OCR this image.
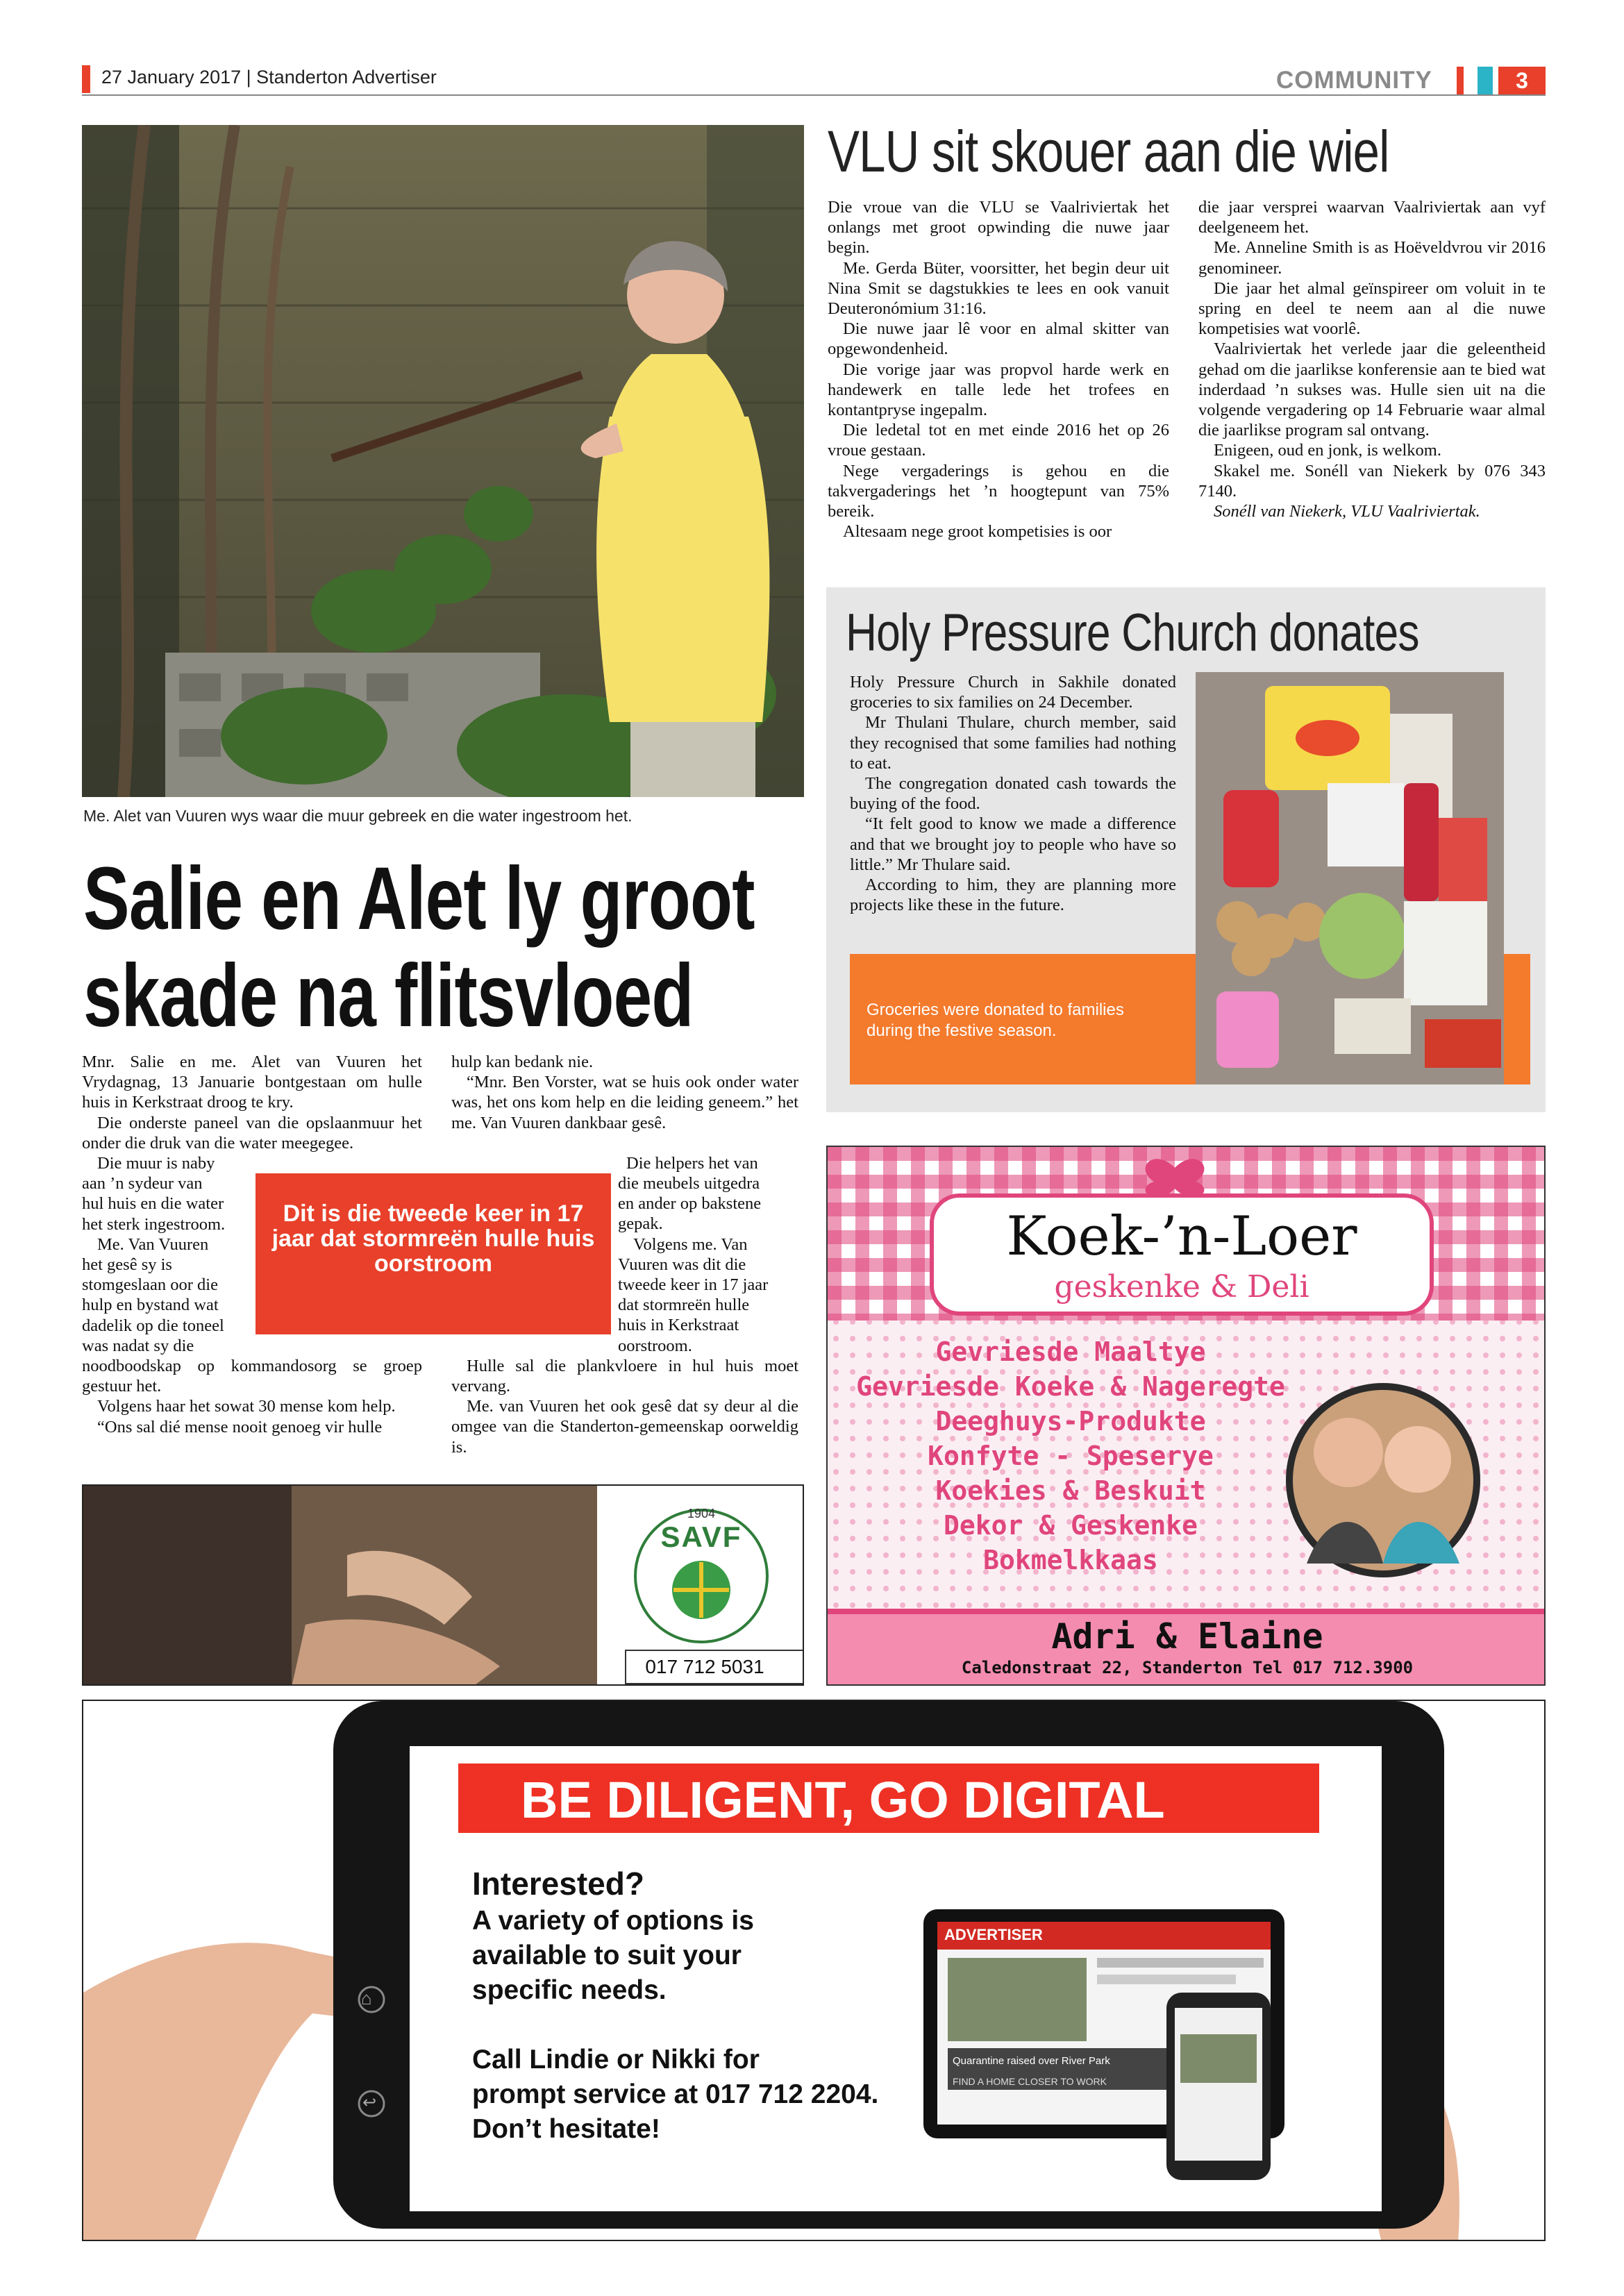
27 January 2017 | Standerton Advertiser	COMMUNITY	3
Me. Alet van Vuuren wys waar die muur gebreek en die water ingestroom het.
Salie en Alet ly groot
skade na flitsvloed

Mnr. Salie en me. Alet van Vuuren het Vrydagnag, 13 Januarie bontgestaan om hulle huis in Kerkstraat droog te kry.

Die onderste paneel van die opslaanmuur het onder die druk van die water meegegee.

Die muur is naby

aan ’n sydeur van

hul huis en die water

het sterk ingestroom.

Me. Van Vuuren

het gesê sy is

stomgeslaan oor die

hulp en bystand wat

dadelik op die toneel

was nadat sy die

noodboodskap op kommandosorg se groep gestuur het.

Volgens haar het sowat 30 mense kom help.

“Ons sal dié mense nooit genoeg vir hulle

hulp kan bedank nie.

“Mnr. Ben Vorster, wat se huis ook onder water was, het ons kom help en die leiding geneem.” het me. Van Vuuren dankbaar gesê.

Die helpers het van

die meubels uitgedra

en ander op bakstene

gepak.

Volgens me. Van

Vuuren was dit die

tweede keer in 17 jaar

dat stormreën hulle

huis in Kerkstraat

oorstroom.

Hulle sal die plankvloere in hul huis moet vervang.

Me. van Vuuren het ook gesê dat sy deur al die omgee van die Standerton-gemeenskap oorweldig is.

Dit is die tweede keer in 17 jaar dat stormreën hulle huis oorstroom
1904
SAVF
017 712 5031
VLU sit skouer aan die wiel

Die vroue van die VLU se Vaalriviertak het onlangs met groot opwinding die nuwe jaar begin.

Me. Gerda Büter, voorsitter, het begin deur uit Nina Smit se dagstukkies te lees en ook vanuit Deuteronómium 31:16.

Die nuwe jaar lê voor en almal skitter van opgewondenheid.

Die vorige jaar was propvol harde werk en handewerk en talle lede het trofees en kontantpryse ingepalm.

Die ledetal tot en met einde 2016 het op 26 vroue gestaan.

Nege vergaderings is gehou en die takvergaderings het ’n hoogtepunt van 75% bereik.

Altesaam nege groot kompetisies is oor

die jaar versprei waarvan Vaalriviertak aan vyf deelgeneem het.

Me. Anneline Smith is as Hoëveldvrou vir 2016 genomineer.

Die jaar het almal geïnspireer om voluit in te spring en deel te neem aan al die nuwe kompetisies wat voorlê.

Vaalriviertak het verlede jaar die geleentheid gehad om die jaarlikse konferensie aan te bied wat inderdaad ’n sukses was. Hulle sien uit na die volgende vergadering op 14 Februarie waar almal die jaarlikse program sal ontvang.

Enigeen, oud en jonk, is welkom.

Skakel me. Sonéll van Niekerk by 076 343 7140.

Sonéll van Niekerk, VLU Vaalriviertak.

Holy Pressure Church donates

Holy Pressure Church in Sakhile donated groceries to six families on 24 December.

Mr Thulani Thulare, church member, said they recognised that some families had nothing to eat.

The congregation donated cash towards the buying of the food.

“It felt good to know we made a difference and that we brought joy to people who have so little.” Mr Thulare said.

According to him, they are planning more projects like these in the future.

Groceries were donated to families during the festive season.
Koek-’n-Loer
geskenke & Deli
Gevriesde Maaltye
Gevriesde Koeke & Nageregte
Deeghuys-Produkte
Konfyte - Speserye
Koekies & Beskuit
Dekor & Geskenke
Bokmelkkaas
Adri & Elaine
Caledonstraat 22, Standerton Tel 017 712.3900
BE DILIGENT, GO DIGITAL
Interested?
A variety of options is
available to suit your
specific needs.
Call Lindie or Nikki for
prompt service at 017 712 2204.
Don’t hesitate!
ADVERTISER
Quarantine raised over River Park
FIND A HOME CLOSER TO WORK
⌂
↩
